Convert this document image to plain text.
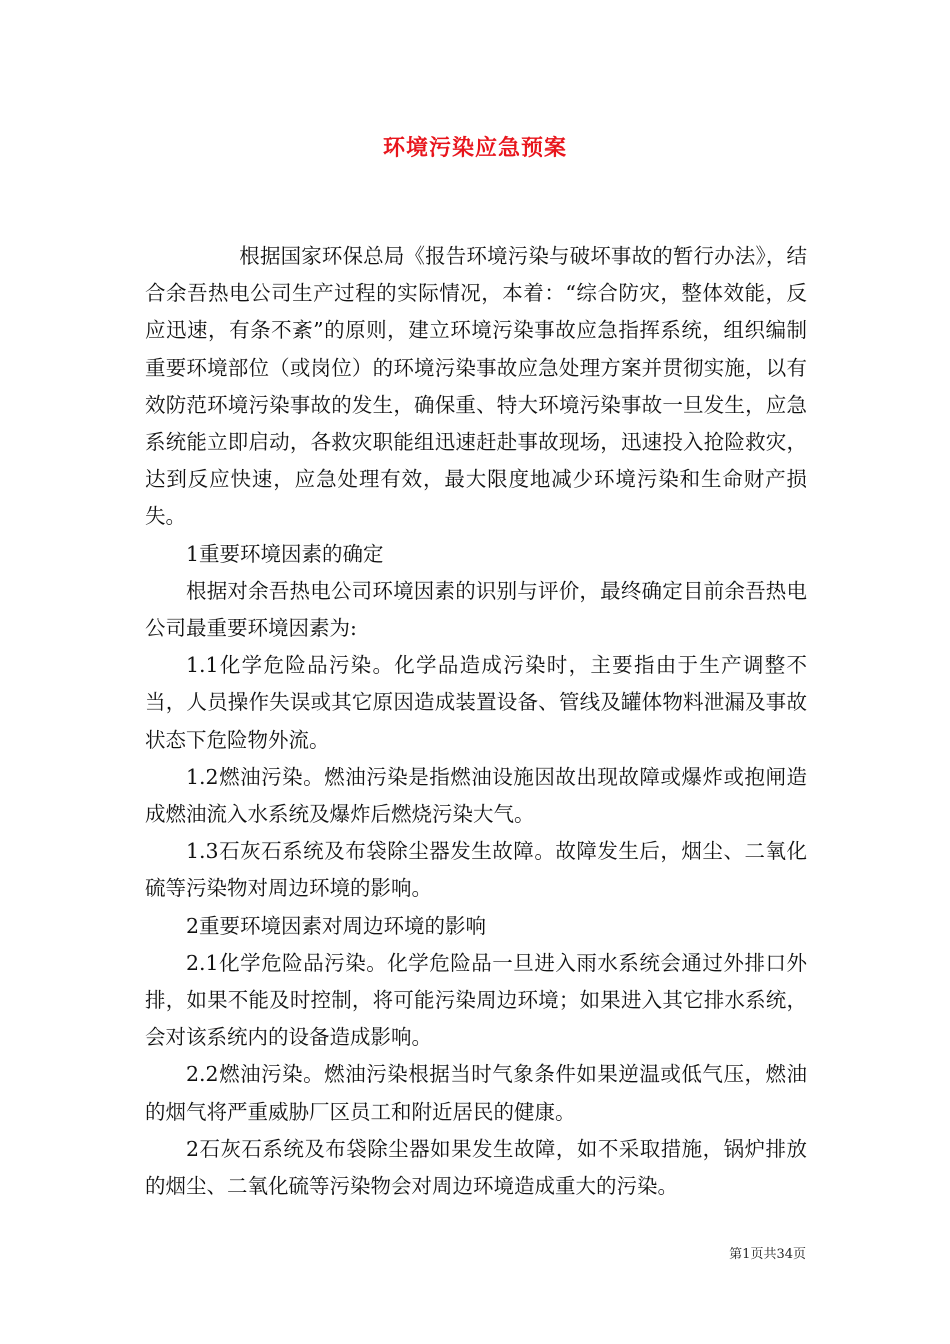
环境污染应急预案

根据国家环保总局《报告环境污染与破坏事故的暂行办法》，结合余吾热电公司生产过程的实际情况，本着：“综合防灾，整体效能，反应迅速，有条不紊”的原则，建立环境污染事故应急指挥系统，组织编制重要环境部位（或岗位）的环境污染事故应急处理方案并贯彻实施，以有效防范环境污染事故的发生，确保重、特大环境污染事故一旦发生，应急系统能立即启动，各救灾职能组迅速赶赴事故现场，迅速投入抢险救灾，达到反应快速，应急处理有效，最大限度地减少环境污染和生命财产损失。

1重要环境因素的确定

根据对余吾热电公司环境因素的识别与评价，最终确定目前余吾热电公司最重要环境因素为:

1.1化学危险品污染。化学品造成污染时，主要指由于生产调整不当，人员操作失误或其它原因造成装置设备、管线及罐体物料泄漏及事故状态下危险物外流。

1.2燃油污染。燃油污染是指燃油设施因故出现故障或爆炸或抱闸造成燃油流入水系统及爆炸后燃烧污染大气。

1.3石灰石系统及布袋除尘器发生故障。故障发生后，烟尘、二氧化硫等污染物对周边环境的影响。

2重要环境因素对周边环境的影响

2.1化学危险品污染。化学危险品一旦进入雨水系统会通过外排口外排，如果不能及时控制，将可能污染周边环境；如果进入其它排水系统，会对该系统内的设备造成影响。

2.2燃油污染。燃油污染根据当时气象条件如果逆温或低气压，燃油的烟气将严重威胁厂区员工和附近居民的健康。

2石灰石系统及布袋除尘器如果发生故障，如不采取措施，锅炉排放的烟尘、二氧化硫等污染物会对周边环境造成重大的污染。

第1页共34页
